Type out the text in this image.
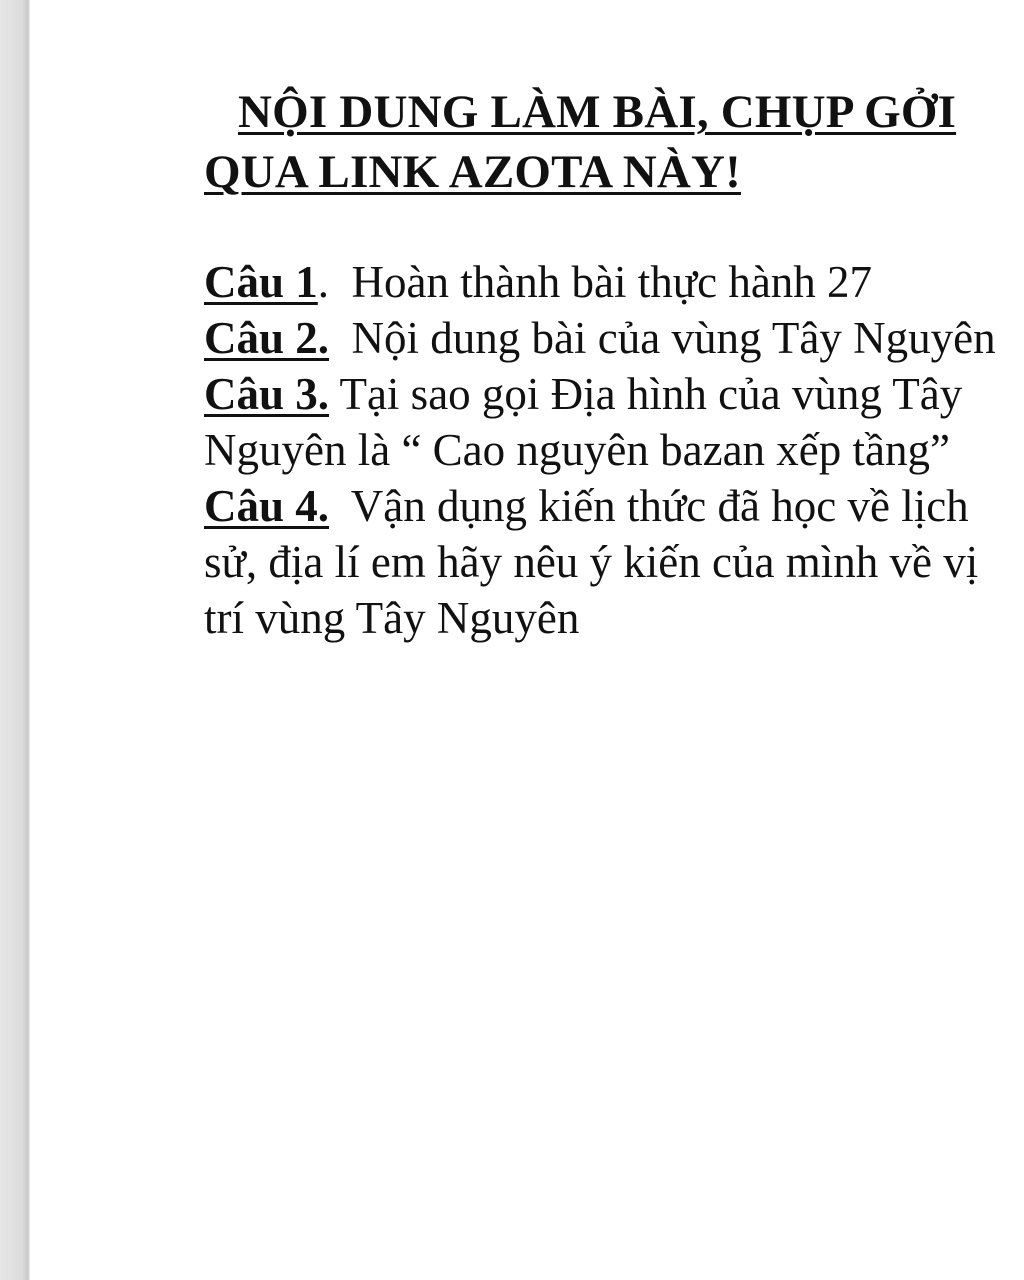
NỘI DUNG LÀM BÀI, CHỤP GỞI QUA LINK AZOTA NÀY!

Câu 1.  Hoàn thành bài thực hành 27

Câu 2.  Nội dung bài của vùng Tây Nguyên

Câu 3. Tại sao gọi Địa hình của vùng Tây Nguyên là “ Cao nguyên bazan xếp tầng”

Câu 4.  Vận dụng kiến thức đã học về lịch sử, địa lí em hãy nêu ý kiến của mình về vị trí vùng Tây Nguyên
